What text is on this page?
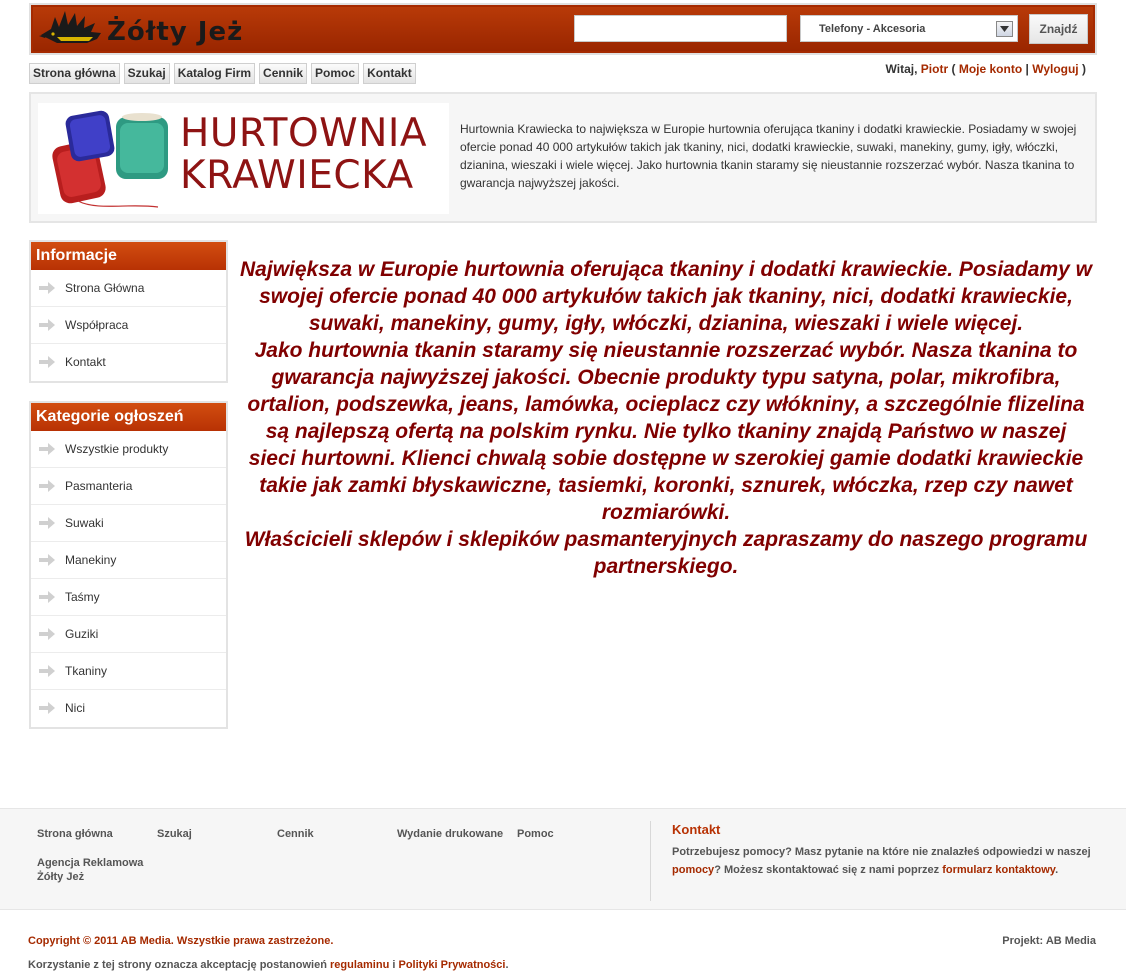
Żółty Jeż	Telefony - Akcesoria	Znajdź
Strona główna	Szukaj	Katalog Firm	Cennik	Pomoc	Kontakt	Witaj, Piotr ( Moje konto | Wyloguj )
HURTOWNIA
KRAWIECKA
Hurtownia Krawiecka to największa w Europie hurtownia oferująca tkaniny i dodatki krawieckie. Posiadamy w swojej ofercie ponad 40 000 artykułów takich jak tkaniny, nici, dodatki krawieckie, suwaki, manekiny, gumy, igły, włóczki, dzianina, wieszaki i wiele więcej. Jako hurtownia tkanin staramy się nieustannie rozszerzać wybór. Nasza tkanina to gwarancja najwyższej jakości.
Informacje
Strona Główna
Współpraca
Kontakt
Kategorie ogłoszeń
Wszystkie produkty
Pasmanteria
Suwaki
Manekiny
Taśmy
Guziki
Tkaniny
Nici
Największa w Europie hurtownia oferująca tkaniny i dodatki krawieckie. Posiadamy w swojej ofercie ponad 40 000 artykułów takich jak tkaniny, nici, dodatki krawieckie, suwaki, manekiny, gumy, igły, włóczki, dzianina, wieszaki i wiele więcej.
Jako hurtownia tkanin staramy się nieustannie rozszerzać wybór. Nasza tkanina to gwarancja najwyższej jakości. Obecnie produkty typu satyna, polar, mikrofibra, ortalion, podszewka, jeans, lamówka, ocieplacz czy włókniny, a szczególnie flizelina są najlepszą ofertą na polskim rynku. Nie tylko tkaniny znajdą Państwo w naszej sieci hurtowni. Klienci chwalą sobie dostępne w szerokiej gamie dodatki krawieckie takie jak zamki błyskawiczne, tasiemki, koronki, sznurek, włóczka, rzep czy nawet rozmiarówki.
Właścicieli sklepów i sklepików pasmanteryjnych zapraszamy do naszego programu partnerskiego.
Strona główna	Szukaj	Cennik	Wydanie drukowane Pomoc
Agencja Reklamowa
Żółty Jeż
Kontakt
Potrzebujesz pomocy? Masz pytanie na które nie znalazłeś odpowiedzi w naszej pomocy? Możesz skontaktować się z nami poprzez formularz kontaktowy.
Copyright © 2011 AB Media. Wszystkie prawa zastrzeżone.	Projekt: AB Media
Korzystanie z tej strony oznacza akceptację postanowień regulaminu i Polityki Prywatności.
